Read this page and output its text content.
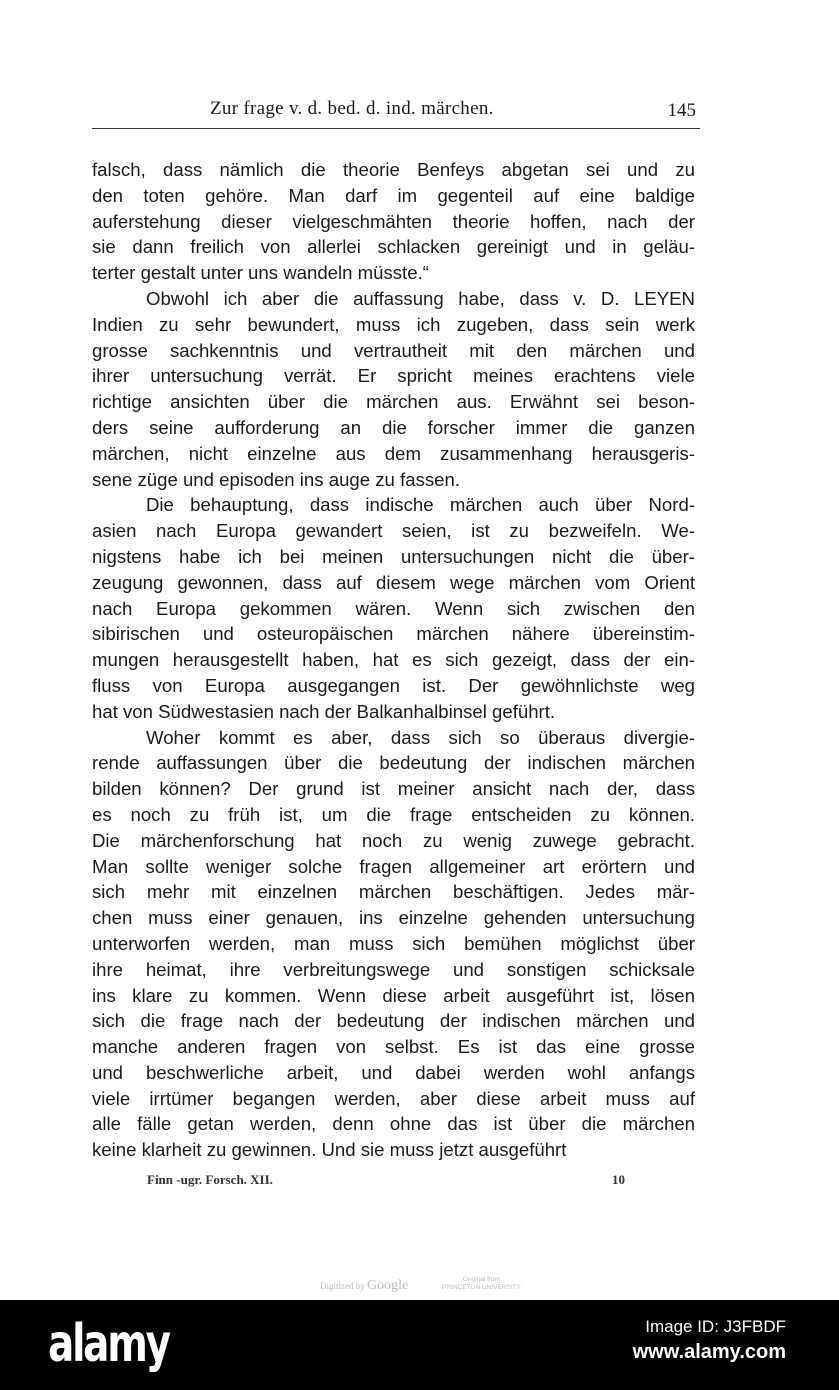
Zur frage v. d. bed. d. ind. märchen.	145
falsch, dass nämlich die theorie Benfeys abgetan sei und zu
den toten gehöre. Man darf im gegenteil auf eine baldige
auferstehung dieser vielgeschmähten theorie hoffen, nach der
sie dann freilich von allerlei schlacken gereinigt und in geläu-
terter gestalt unter uns wandeln müsste.“
Obwohl ich aber die auffassung habe, dass v. D. LEYEN
Indien zu sehr bewundert, muss ich zugeben, dass sein werk
grosse sachkenntnis und vertrautheit mit den märchen und
ihrer untersuchung verrät. Er spricht meines erachtens viele
richtige ansichten über die märchen aus. Erwähnt sei beson-
ders seine aufforderung an die forscher immer die ganzen
märchen, nicht einzelne aus dem zusammenhang herausgeris-
sene züge und episoden ins auge zu fassen.
Die behauptung, dass indische märchen auch über Nord-
asien nach Europa gewandert seien, ist zu bezweifeln. We-
nigstens habe ich bei meinen untersuchungen nicht die über-
zeugung gewonnen, dass auf diesem wege märchen vom Orient
nach Europa gekommen wären. Wenn sich zwischen den
sibirischen und osteuropäischen märchen nähere übereinstim-
mungen herausgestellt haben, hat es sich gezeigt, dass der ein-
fluss von Europa ausgegangen ist. Der gewöhnlichste weg
hat von Südwestasien nach der Balkanhalbinsel geführt.
Woher kommt es aber, dass sich so überaus divergie-
rende auffassungen über die bedeutung der indischen märchen
bilden können? Der grund ist meiner ansicht nach der, dass
es noch zu früh ist, um die frage entscheiden zu können.
Die märchenforschung hat noch zu wenig zuwege gebracht.
Man sollte weniger solche fragen allgemeiner art erörtern und
sich mehr mit einzelnen märchen beschäftigen. Jedes mär-
chen muss einer genauen, ins einzelne gehenden untersuchung
unterworfen werden, man muss sich bemühen möglichst über
ihre heimat, ihre verbreitungswege und sonstigen schicksale
ins klare zu kommen. Wenn diese arbeit ausgeführt ist, lösen
sich die frage nach der bedeutung der indischen märchen und
manche anderen fragen von selbst. Es ist das eine grosse
und beschwerliche arbeit, und dabei werden wohl anfangs
viele irrtümer begangen werden, aber diese arbeit muss auf
alle fälle getan werden, denn ohne das ist über die märchen
keine klarheit zu gewinnen. Und sie muss jetzt ausgeführt
Finn -ugr. Forsch. XII.	10
Digitized by Google	Original from
PRINCETON UNIVERSITY
alamy	Image ID: J3FBDF
www.alamy.com
